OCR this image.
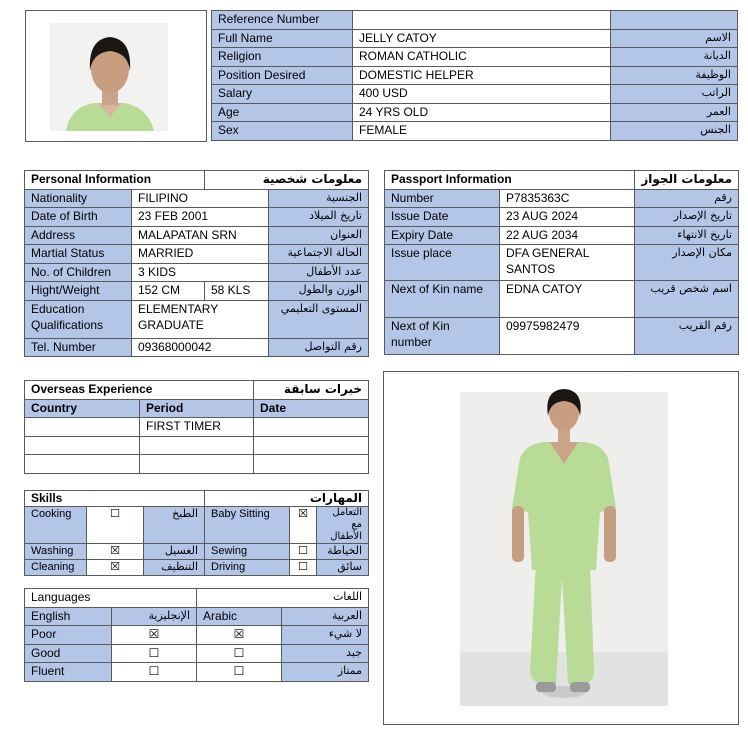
Reference Number		
Full Name	JELLY CATOY	الاسم
Religion	ROMAN CATHOLIC	الديانة
Position Desired	DOMESTIC HELPER	الوظيفة
Salary	400 USD	الراتب
Age	24 YRS OLD	العمر
Sex	FEMALE	الجنس
Personal Information		معلومات شخصية	
Nationality	FILIPINO		الجنسية
Date of Birth	23 FEB 2001		تاريخ الميلاد
Address	MALAPATAN SRN		العنوان
Martial Status	MARRIED		الحالة الاجتماعية
No. of Children	3 KIDS		عدد الأطفال
Hight/Weight	152 CM	58 KLS	الوزن والطول
Education Qualifications	ELEMENTARY GRADUATE		المستوى التعليمي
Tel. Number	09368000042		رقم التواصل
Passport Information		معلومات الجواز
Number	P7835363C	رقم
Issue Date	23 AUG 2024	تاريخ الإصدار
Expiry Date	22 AUG 2034	تاريخ الانتهاء
Issue place	DFA GENERAL SANTOS	مكان الإصدار
Next of Kin name	EDNA CATOY	اسم شخص قريب
Next of Kin number	09975982479	رقم القريب
Overseas Experience		خبرات سابقة
Country	Period	Date
	FIRST TIMER	

Skills			المهارات		
Cooking	☐	الطبخ	Baby Sitting	☒	التعامل مع الأطفال
Washing	☒	الغسيل	Sewing	☐	الخياطة
Cleaning	☒	التنظيف	Driving	☐	سائق
Languages		اللغات	
English	الإنجليزية	Arabic	العربية
Poor	☒	☒	لا شيء
Good	☐	☐	جيد
Fluent	☐	☐	ممتاز
